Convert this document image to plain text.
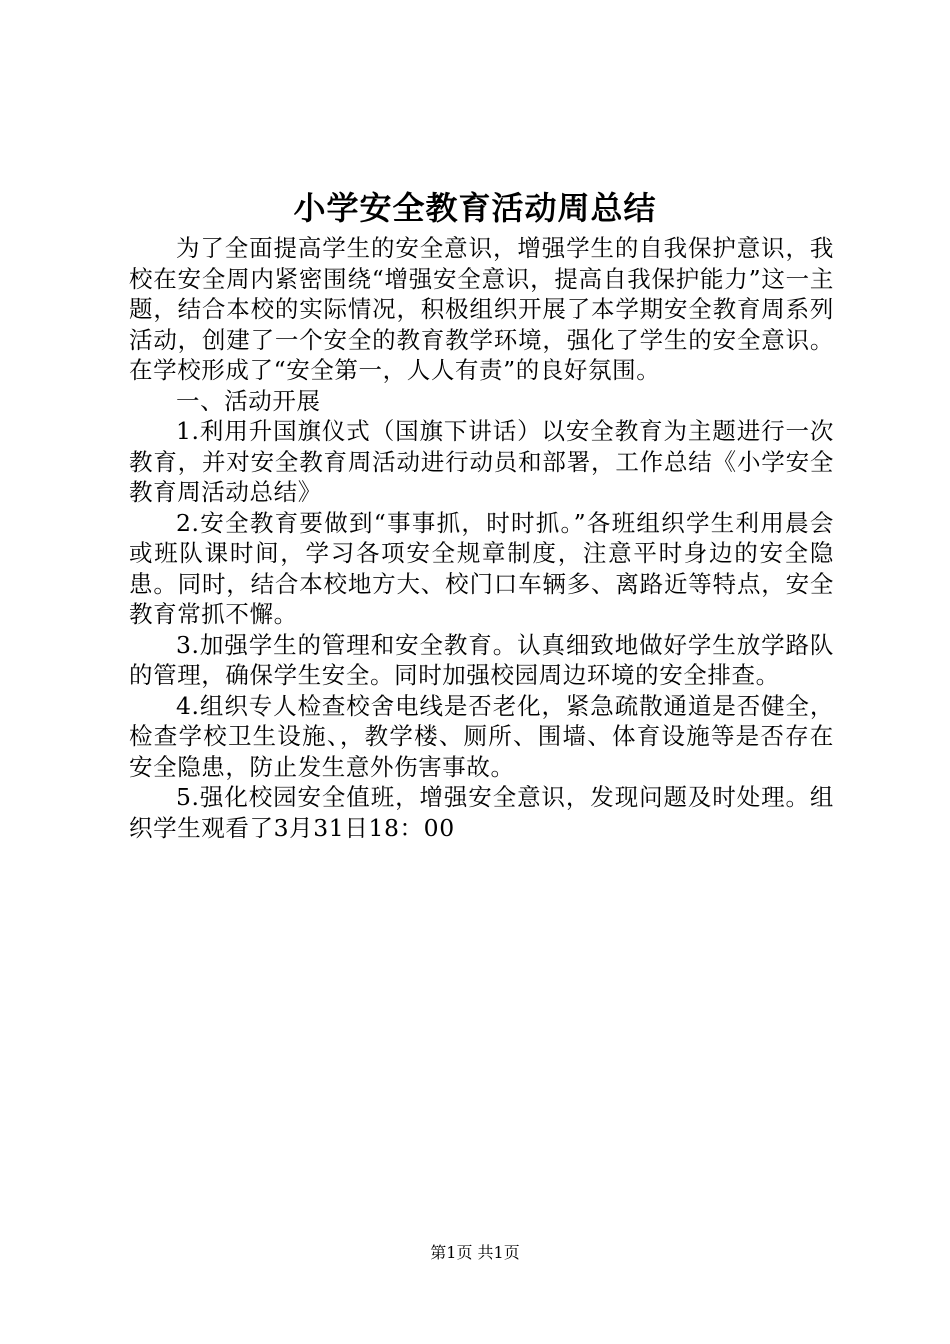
小学安全教育活动周总结

为了全面提高学生的安全意识，增强学生的自我保护意识，我校在安全周内紧密围绕“增强安全意识，提高自我保护能力”这一主题，结合本校的实际情况，积极组织开展了本学期安全教育周系列活动，创建了一个安全的教育教学环境，强化了学生的安全意识。在学校形成了“安全第一，人人有责”的良好氛围。

一、活动开展

1.利用升国旗仪式（国旗下讲话）以安全教育为主题进行一次教育，并对安全教育周活动进行动员和部署，工作总结《小学安全教育周活动总结》

2.安全教育要做到“事事抓，时时抓。”各班组织学生利用晨会或班队课时间，学习各项安全规章制度，注意平时身边的安全隐患。同时，结合本校地方大、校门口车辆多、离路近等特点，安全教育常抓不懈。

3.加强学生的管理和安全教育。认真细致地做好学生放学路队的管理，确保学生安全。同时加强校园周边环境的安全排查。

4.组织专人检查校舍电线是否老化，紧急疏散通道是否健全，检查学校卫生设施、，教学楼、厕所、围墙、体育设施等是否存在安全隐患，防止发生意外伤害事故。

5.强化校园安全值班，增强安全意识，发现问题及时处理。组织学生观看了3月31日18：00

第1页 共1页
